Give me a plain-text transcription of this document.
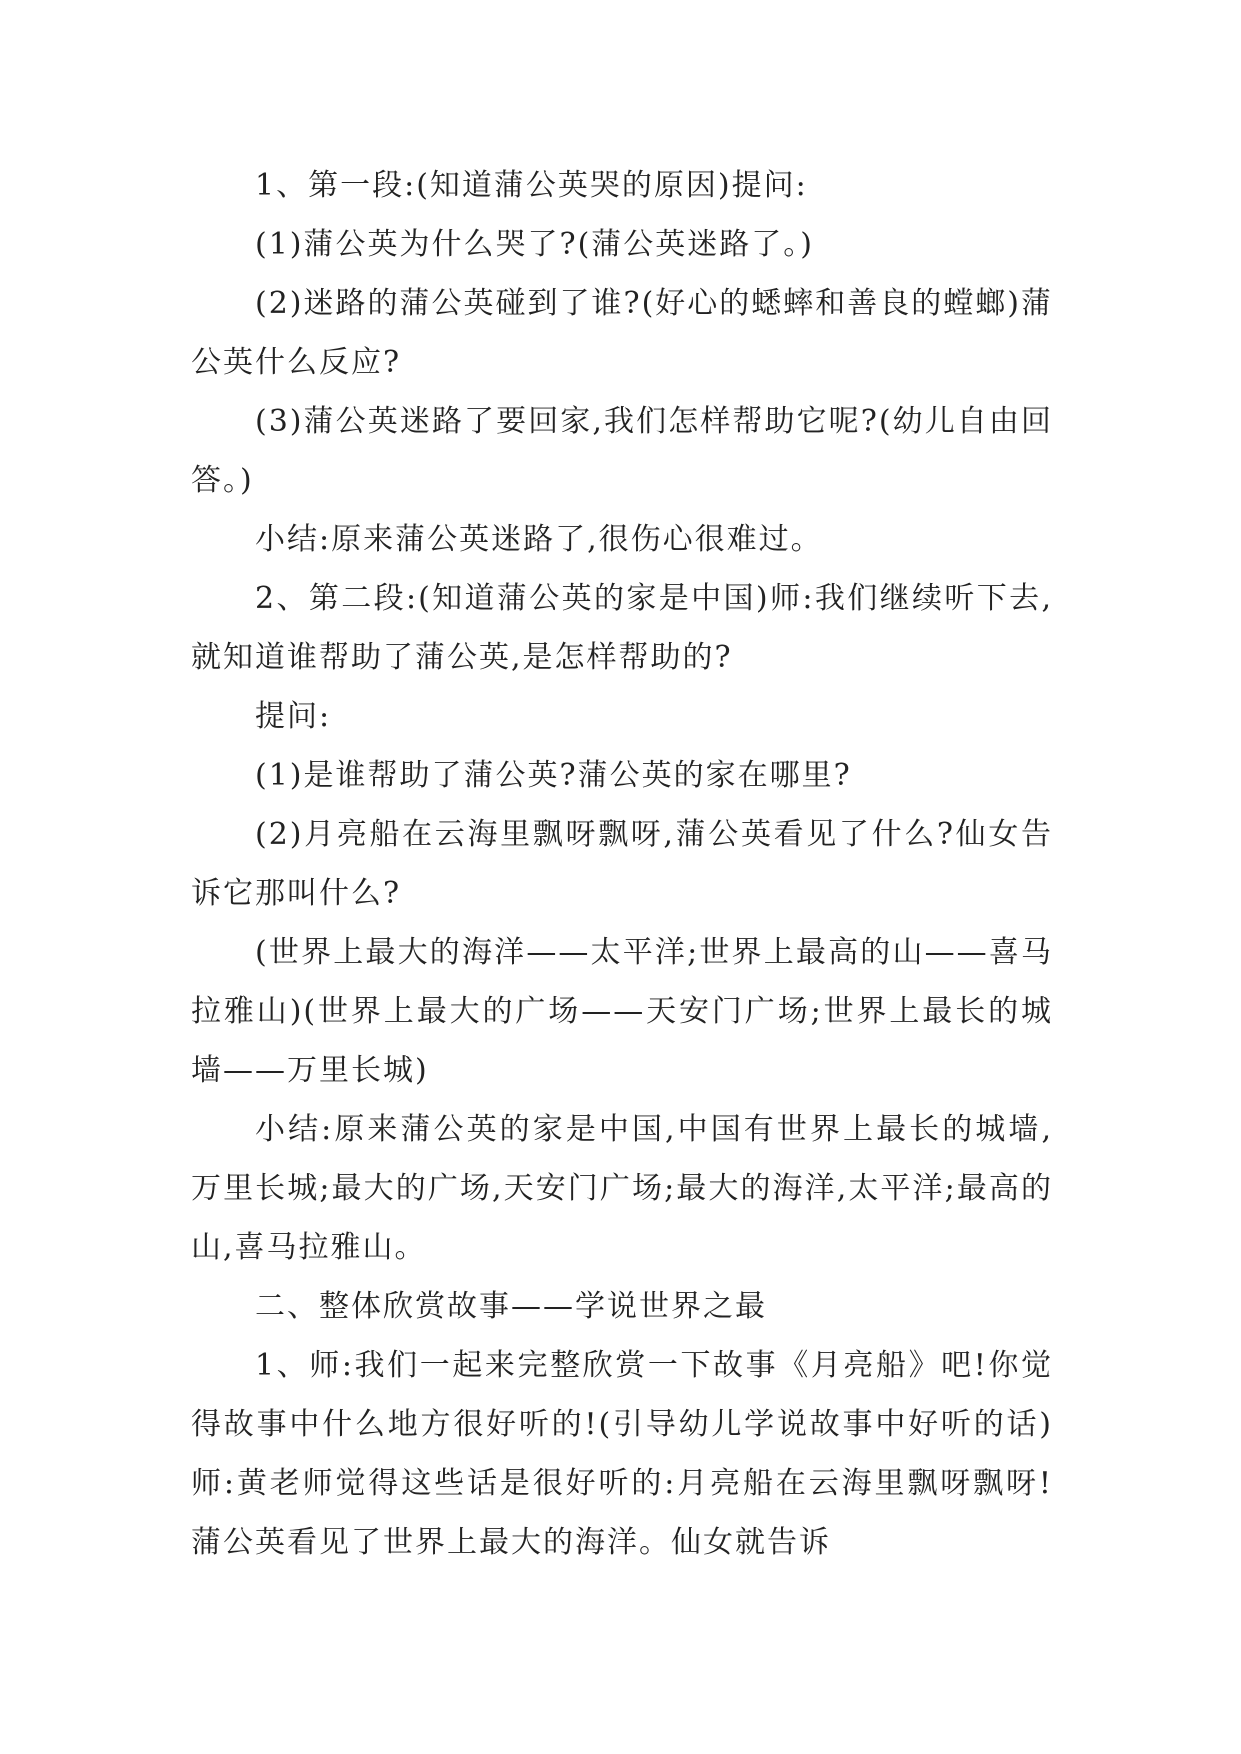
1、第一段:(知道蒲公英哭的原因)提问:

(1)蒲公英为什么哭了?(蒲公英迷路了。)

(2)迷路的蒲公英碰到了谁?(好心的蟋蟀和善良的螳螂)蒲公英什么反应?

(3)蒲公英迷路了要回家,我们怎样帮助它呢?(幼儿自由回答。)

小结:原来蒲公英迷路了,很伤心很难过。

2、第二段:(知道蒲公英的家是中国)师:我们继续听下去,就知道谁帮助了蒲公英,是怎样帮助的?

提问:

(1)是谁帮助了蒲公英?蒲公英的家在哪里?

(2)月亮船在云海里飘呀飘呀,蒲公英看见了什么?仙女告诉它那叫什么?

(世界上最大的海洋——太平洋;世界上最高的山——喜马拉雅山)(世界上最大的广场——天安门广场;世界上最长的城墙——万里长城)

小结:原来蒲公英的家是中国,中国有世界上最长的城墙,万里长城;最大的广场,天安门广场;最大的海洋,太平洋;最高的山,喜马拉雅山。

二、整体欣赏故事——学说世界之最

1、师:我们一起来完整欣赏一下故事《月亮船》吧!你觉得故事中什么地方很好听的!(引导幼儿学说故事中好听的话)师:黄老师觉得这些话是很好听的:月亮船在云海里飘呀飘呀!蒲公英看见了世界上最大的海洋。仙女就告诉
